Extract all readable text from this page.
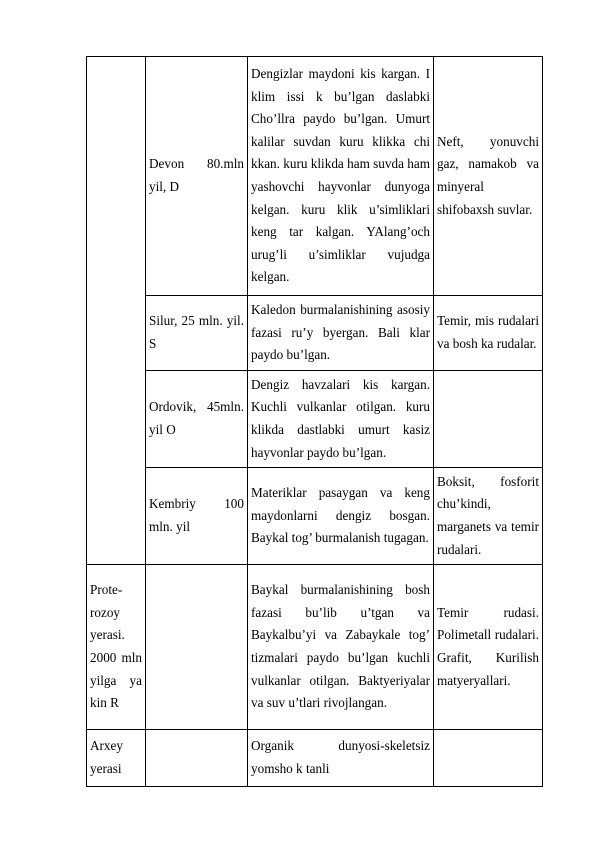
	Devon 80.mln yil, D	Dengizlar maydoni kis kargan. I klim issi k bu’lgan daslabki Cho’llra paydo bu’lgan. Umurt kalilar suvdan kuru klikka chi kkan. kuru klikda ham suvda ham yashovchi hayvonlar dunyoga kelgan. kuru klik u’simliklari keng tar kalgan. YAlang’och urug’li u’simliklar vujudga kelgan.	Neft, yonuvchi gaz, namakob va minyeral shifobaxsh suvlar.
	Silur, 25 mln. yil. S	Kaledon burmalanishining asosiy fazasi ru’y byergan. Bali klar paydo bu’lgan.	Temir, mis rudalari va bosh ka rudalar.
	Ordovik, 45mln. yil O	Dengiz havzalari kis kargan. Kuchli vulkanlar otilgan. kuru klikda dastlabki umurt kasiz hayvonlar paydo bu’lgan.	
	Kembriy 100 mln. yil	Materiklar pasaygan va keng maydonlarni dengiz bosgan. Baykal tog’ burmalanish tugagan.	Boksit, fosforit chu’kindi, marganets va temir rudalari.
Prote-rozoy yerasi. 2000 mln yilga ya kin R		Baykal burmalanishining bosh fazasi bu’lib u’tgan va Baykalbu’yi va Zabaykale tog’ tizmalari paydo bu’lgan kuchli vulkanlar otilgan. Baktyeriyalar va suv u’tlari rivojlangan.	Temir rudasi. Polimetall rudalari. Grafit, Kurilish matyeryallari.
Arxey yerasi		Organik dunyosi-skeletsiz yomsho k tanli	
